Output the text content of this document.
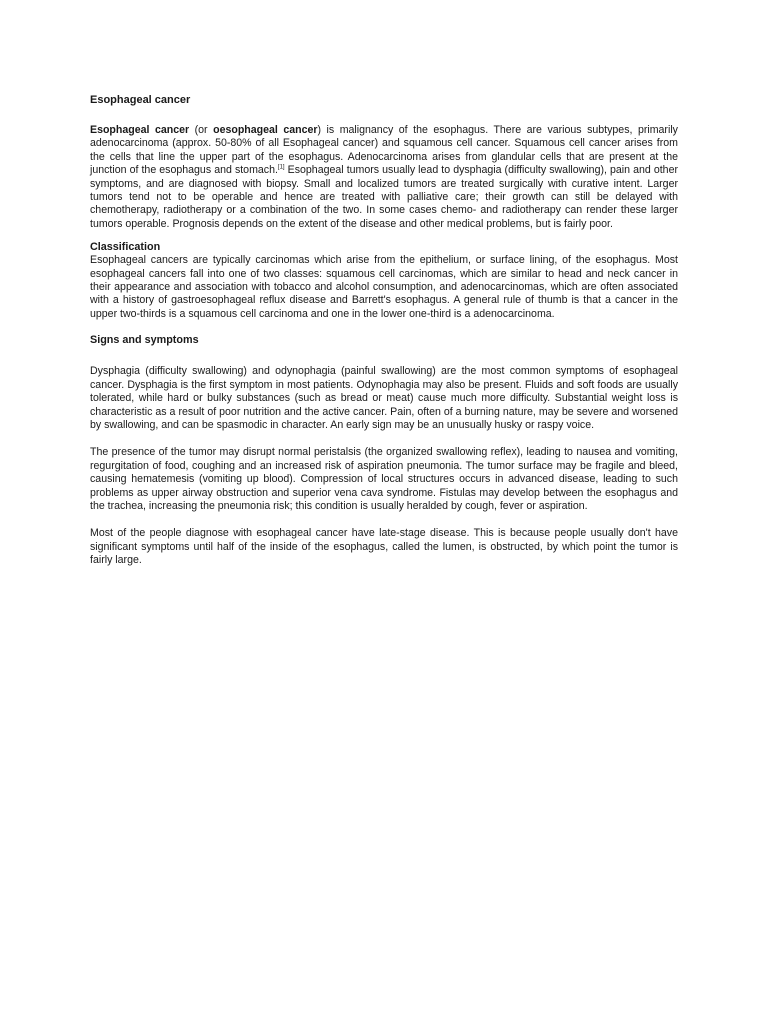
Esophageal cancer

Esophageal cancer (or oesophageal cancer) is malignancy of the esophagus. There are various subtypes, primarily adenocarcinoma (approx. 50-80% of all Esophageal cancer) and squamous cell cancer. Squamous cell cancer arises from the cells that line the upper part of the esophagus. Adenocarcinoma arises from glandular cells that are present at the junction of the esophagus and stomach.[1] Esophageal tumors usually lead to dysphagia (difficulty swallowing), pain and other symptoms, and are diagnosed with biopsy. Small and localized tumors are treated surgically with curative intent. Larger tumors tend not to be operable and hence are treated with palliative care; their growth can still be delayed with chemotherapy, radiotherapy or a combination of the two. In some cases chemo- and radiotherapy can render these larger tumors operable. Prognosis depends on the extent of the disease and other medical problems, but is fairly poor.

Classification

Esophageal cancers are typically carcinomas which arise from the epithelium, or surface lining, of the esophagus. Most esophageal cancers fall into one of two classes: squamous cell carcinomas, which are similar to head and neck cancer in their appearance and association with tobacco and alcohol consumption, and adenocarcinomas, which are often associated with a history of gastroesophageal reflux disease and Barrett's esophagus. A general rule of thumb is that a cancer in the upper two-thirds is a squamous cell carcinoma and one in the lower one-third is a adenocarcinoma.

Signs and symptoms

Dysphagia (difficulty swallowing) and odynophagia (painful swallowing) are the most common symptoms of esophageal cancer. Dysphagia is the first symptom in most patients. Odynophagia may also be present. Fluids and soft foods are usually tolerated, while hard or bulky substances (such as bread or meat) cause much more difficulty. Substantial weight loss is characteristic as a result of poor nutrition and the active cancer. Pain, often of a burning nature, may be severe and worsened by swallowing, and can be spasmodic in character. An early sign may be an unusually husky or raspy voice.

The presence of the tumor may disrupt normal peristalsis (the organized swallowing reflex), leading to nausea and vomiting, regurgitation of food, coughing and an increased risk of aspiration pneumonia. The tumor surface may be fragile and bleed, causing hematemesis (vomiting up blood). Compression of local structures occurs in advanced disease, leading to such problems as upper airway obstruction and superior vena cava syndrome. Fistulas may develop between the esophagus and the trachea, increasing the pneumonia risk; this condition is usually heralded by cough, fever or aspiration.

Most of the people diagnose with esophageal cancer have late-stage disease. This is because people usually don't have significant symptoms until half of the inside of the esophagus, called the lumen, is obstructed, by which point the tumor is fairly large.
